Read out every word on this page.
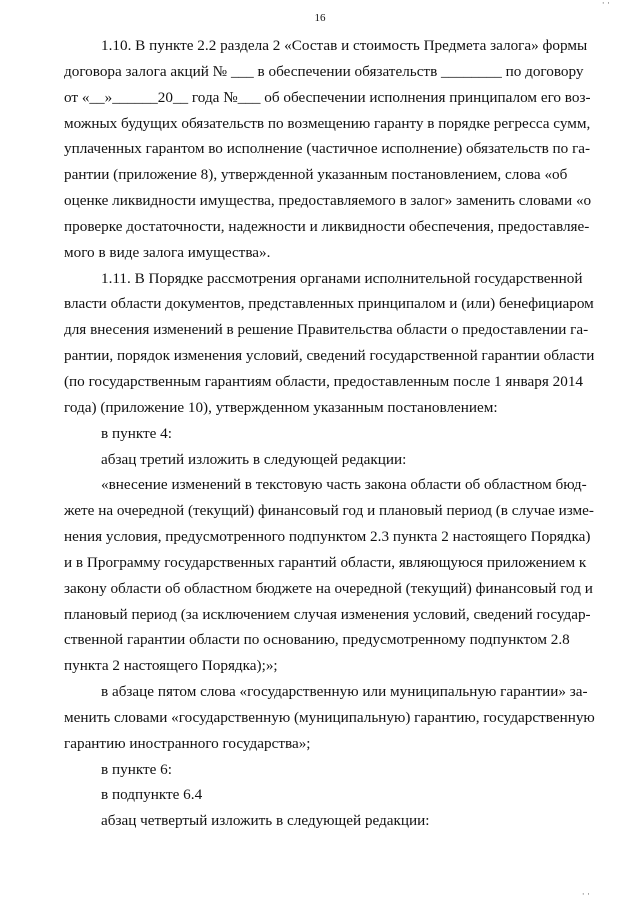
· ·
16

1.10. В пункте 2.2 раздела 2 «Состав и стоимость Предмета залога» формы
договора залога акций № ___ в обеспечении обязательств ________ по договору
от «__»______20__ года №___ об обеспечении исполнения принципалом его воз-
можных будущих обязательств по возмещению гаранту в порядке регресса сумм,
уплаченных гарантом во исполнение (частичное исполнение) обязательств по га-
рантии (приложение 8), утвержденной указанным постановлением, слова «об
оценке ликвидности имущества, предоставляемого в залог» заменить словами «о
проверке достаточности, надежности и ликвидности обеспечения, предоставляе-
мого в виде залога имущества».

1.11. В Порядке рассмотрения органами исполнительной государственной
власти области документов, представленных принципалом и (или) бенефициаром
для внесения изменений в решение Правительства области о предоставлении га-
рантии, порядок изменения условий, сведений государственной гарантии области
(по государственным гарантиям области, предоставленным после 1 января 2014
года) (приложение 10), утвержденном указанным постановлением:

в пункте 4:

абзац третий изложить в следующей редакции:

«внесение изменений в текстовую часть закона области об областном бюд-
жете на очередной (текущий) финансовый год и плановый период (в случае изме-
нения условия, предусмотренного подпунктом 2.3 пункта 2 настоящего Порядка)
и в Программу государственных гарантий области, являющуюся приложением к
закону области об областном бюджете на очередной (текущий) финансовый год и
плановый период (за исключением случая изменения условий, сведений государ-
ственной гарантии области по основанию, предусмотренному подпунктом 2.8
пункта 2 настоящего Порядка);»;

в абзаце пятом слова «государственную или муниципальную гарантии» за-
менить словами «государственную (муниципальную) гарантию, государственную
гарантию иностранного государства»;

в пункте 6:

в подпункте 6.4

абзац четвертый изложить в следующей редакции:

· ·
